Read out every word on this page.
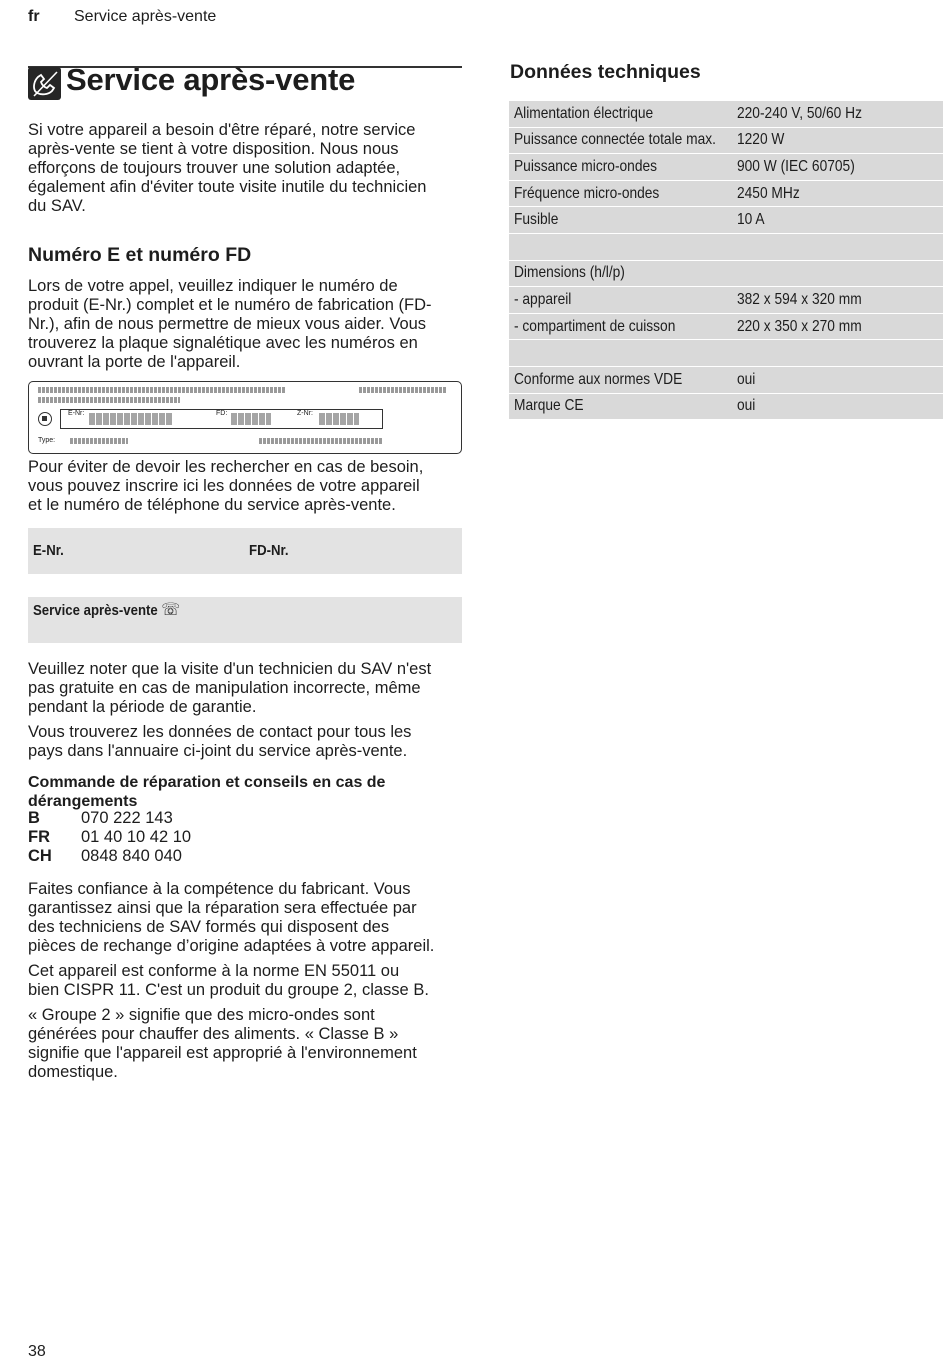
fr Service après-vente
Service après-vente
Si votre appareil a besoin d'être réparé, notre service
après-vente se tient à votre disposition. Nous nous
efforçons de toujours trouver une solution adaptée,
également afin d'éviter toute visite inutile du technicien
du SAV.
Numéro E et numéro FD
Lors de votre appel, veuillez indiquer le numéro de
produit (E-Nr.) complet et le numéro de fabrication (FD-
Nr.), afin de nous permettre de mieux vous aider. Vous
trouverez la plaque signalétique avec les numéros en
ouvrant la porte de l'appareil.
E-Nr:	FD:	Z-Nr:
Type:
Pour éviter de devoir les rechercher en cas de besoin,
vous pouvez inscrire ici les données de votre appareil
et le numéro de téléphone du service après-vente.
E-Nr.	FD-Nr.
Service après-vente ☏
Veuillez noter que la visite d'un technicien du SAV n'est
pas gratuite en cas de manipulation incorrecte, même
pendant la période de garantie.
Vous trouverez les données de contact pour tous les
pays dans l'annuaire ci-joint du service après-vente.
Commande de réparation et conseils en cas de
dérangements
B 070 222 143
FR 01 40 10 42 10
CH 0848 840 040
Faites confiance à la compétence du fabricant. Vous
garantissez ainsi que la réparation sera effectuée par
des techniciens de SAV formés qui disposent des
pièces de rechange d’origine adaptées à votre appareil.
Cet appareil est conforme à la norme EN 55011 ou
bien CISPR 11. C'est un produit du groupe 2, classe B.
« Groupe 2 » signifie que des micro-ondes sont
générées pour chauffer des aliments. « Classe B »
signifie que l'appareil est approprié à l'environnement
domestique.
Données techniques
Alimentation électrique	220-240 V, 50/60 Hz
Puissance connectée totale max.	1220 W
Puissance micro-ondes	900 W (IEC 60705)
Fréquence micro-ondes	2450 MHz
Fusible	10 A
Dimensions (h/l/p)
- appareil	382 x 594 x 320 mm
- compartiment de cuisson	220 x 350 x 270 mm
Conforme aux normes VDE	oui
Marque CE	oui
38
